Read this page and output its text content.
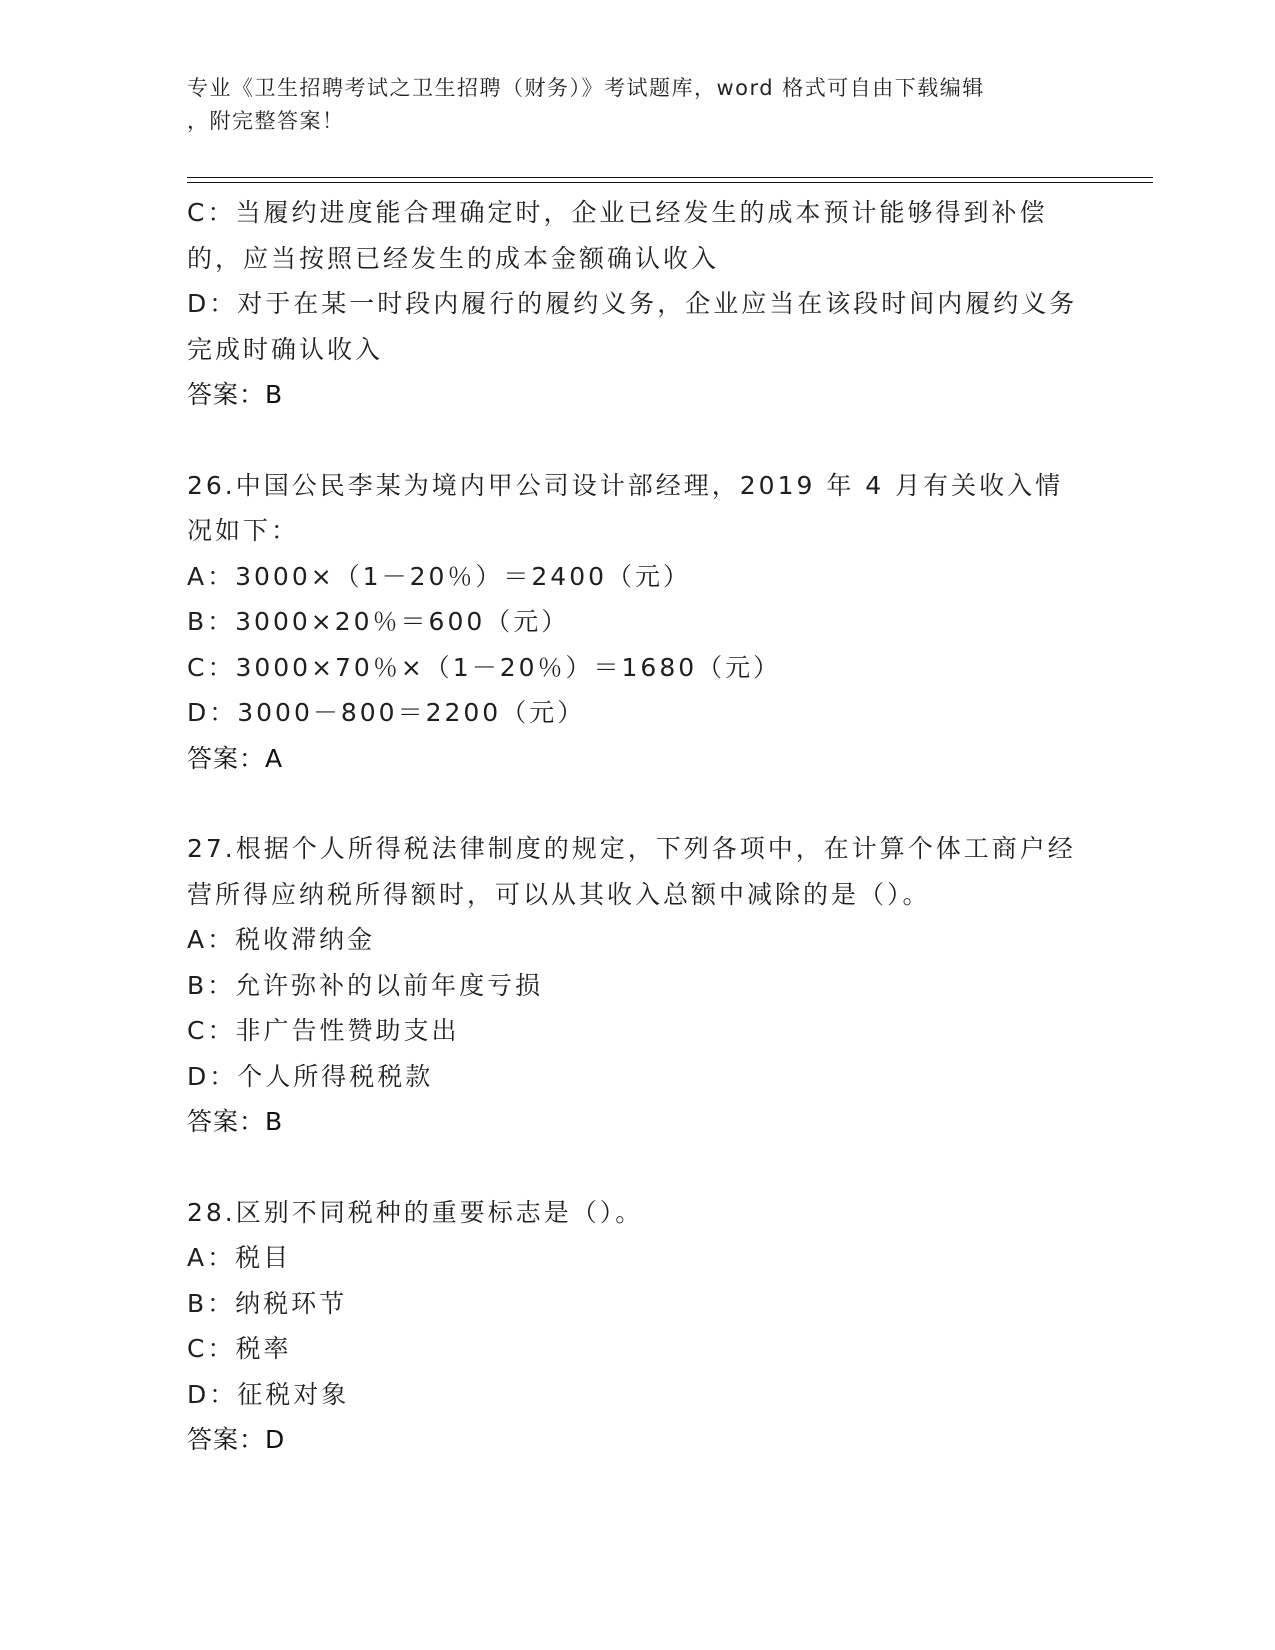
专业《卫生招聘考试之卫生招聘（财务）》考试题库，word 格式可自由下载编辑
，附完整答案！
C：当履约进度能合理确定时，企业已经发生的成本预计能够得到补偿的，应当按照已经发生的成本金额确认收入
D：对于在某一时段内履行的履约义务，企业应当在该段时间内履约义务完成时确认收入
答案：B
26.中国公民李某为境内甲公司设计部经理，2019 年 4 月有关收入情况如下：
A：3000×（1－20％）＝2400（元）
B：3000×20％＝600（元）
C：3000×70％×（1－20％）＝1680（元）
D：3000－800＝2200（元）
答案：A
27.根据个人所得税法律制度的规定，下列各项中，在计算个体工商户经营所得应纳税所得额时，可以从其收入总额中减除的是（）。
A：税收滞纳金
B：允许弥补的以前年度亏损
C：非广告性赞助支出
D：个人所得税税款
答案：B
28.区别不同税种的重要标志是（）。
A：税目
B：纳税环节
C：税率
D：征税对象
答案：D
